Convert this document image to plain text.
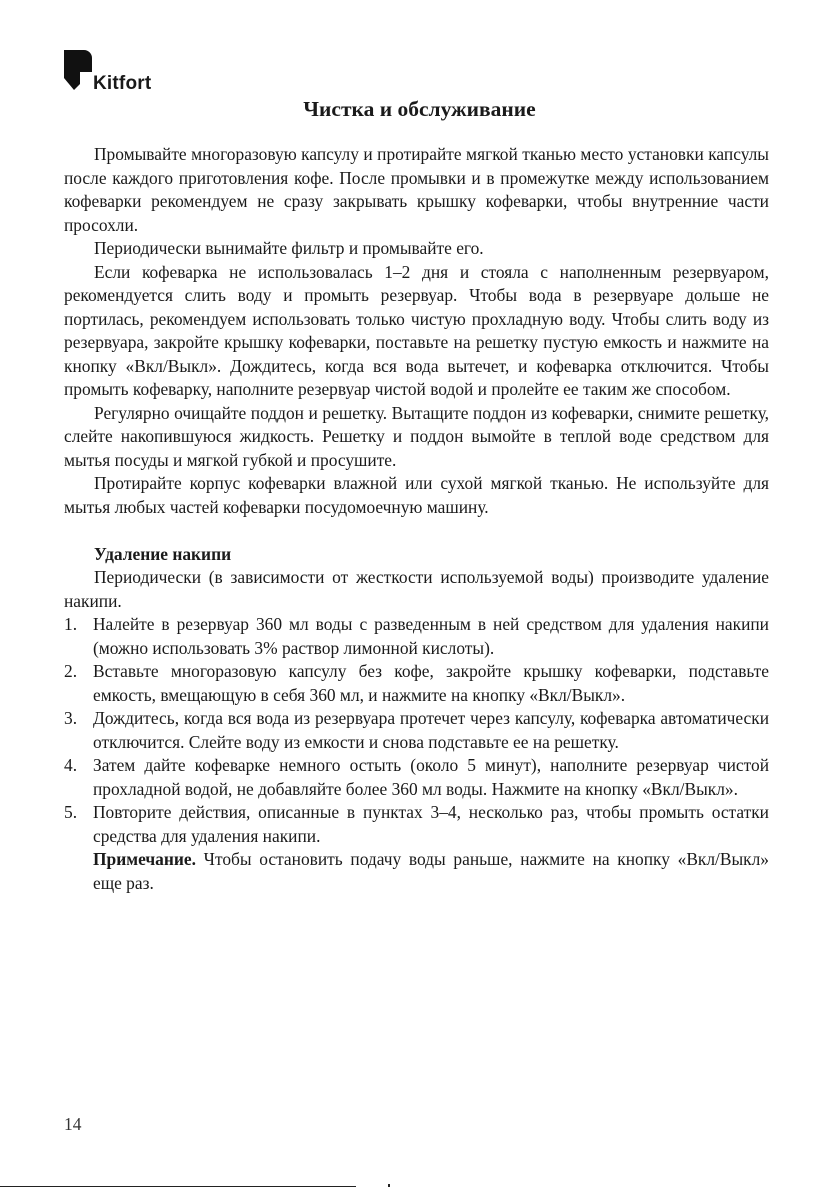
Kitfort
Чистка и обслуживание

Промывайте многоразовую капсулу и протирайте мягкой тканью место установки капсулы после каждого приготовления кофе. После промывки и в промежутке между использованием кофеварки рекомендуем не сразу закрывать крышку кофеварки, чтобы внутренние части просохли.

Периодически вынимайте фильтр и промывайте его.

Если кофеварка не использовалась 1–2 дня и стояла с наполненным резервуаром, рекомендуется слить воду и промыть резервуар. Чтобы вода в резервуаре дольше не портилась, рекомендуем использовать только чистую прохладную воду. Чтобы слить воду из резервуара, закройте крышку кофеварки, поставьте на решетку пустую емкость и нажмите на кнопку «Вкл/Выкл». Дождитесь, когда вся вода вытечет, и кофеварка отключится. Чтобы промыть кофеварку, наполните резервуар чистой водой и пролейте ее таким же способом.

Регулярно очищайте поддон и решетку. Вытащите поддон из кофеварки, снимите решетку, слейте накопившуюся жидкость. Решетку и поддон вымойте в теплой воде средством для мытья посуды и мягкой губкой и просушите.

Протирайте корпус кофеварки влажной или сухой мягкой тканью. Не используйте для мытья любых частей кофеварки посудомоечную машину.

Удаление накипи

Периодически (в зависимости от жесткости используемой воды) производите удаление накипи.

1. Налейте в резервуар 360 мл воды с разведенным в ней средством для удаления накипи (можно использовать 3% раствор лимонной кислоты).
2. Вставьте многоразовую капсулу без кофе, закройте крышку кофеварки, подставьте емкость, вмещающую в себя 360 мл, и нажмите на кнопку «Вкл/Выкл».
3. Дождитесь, когда вся вода из резервуара протечет через капсулу, кофеварка автоматически отключится. Слейте воду из емкости и снова подставьте ее на решетку.
4. Затем дайте кофеварке немного остыть (около 5 минут), наполните резервуар чистой прохладной водой, не добавляйте более 360 мл воды. Нажмите на кнопку «Вкл/Выкл».
5. Повторите действия, описанные в пунктах 3–4, несколько раз, чтобы промыть остатки средства для удаления накипи.

Примечание. Чтобы остановить подачу воды раньше, нажмите на кнопку «Вкл/Выкл» еще раз.

14
